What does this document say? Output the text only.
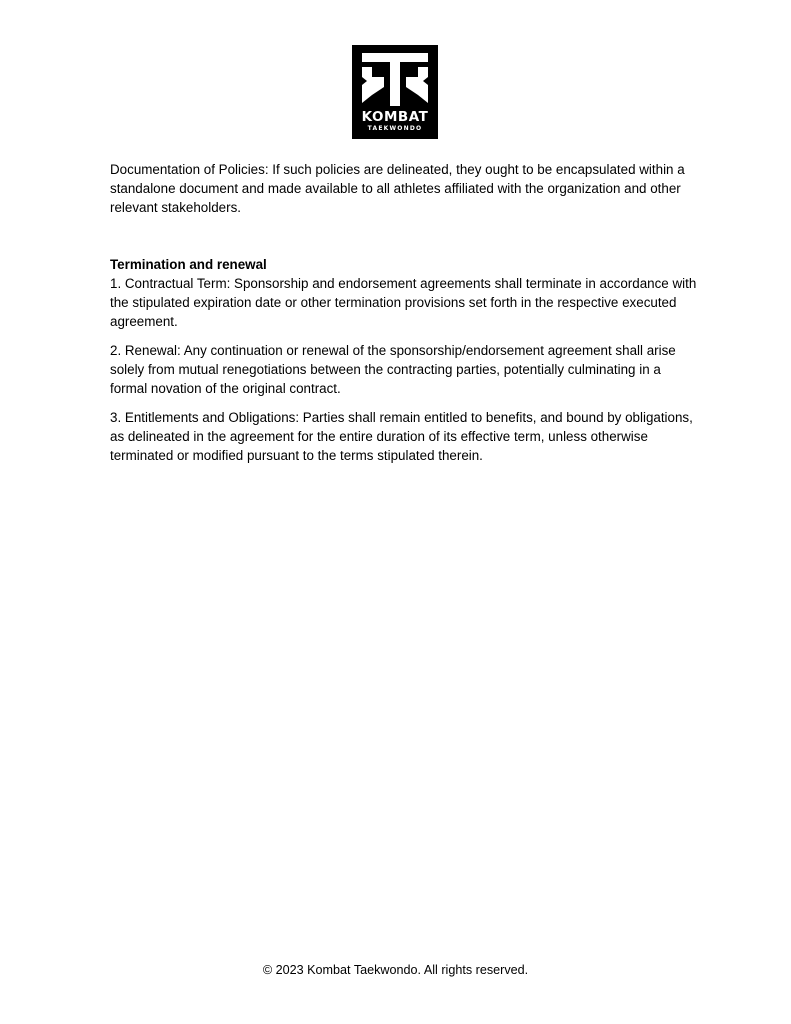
KOMBAT
TAEKWONDO

Documentation of Policies: If such policies are delineated, they ought to be encapsulated within a standalone document and made available to all athletes affiliated with the organization and other relevant stakeholders.

Termination and renewal

1. Contractual Term: Sponsorship and endorsement agreements shall terminate in accordance with the stipulated expiration date or other termination provisions set forth in the respective executed agreement.

2. Renewal: Any continuation or renewal of the sponsorship/endorsement agreement shall arise solely from mutual renegotiations between the contracting parties, potentially culminating in a formal novation of the original contract.

3. Entitlements and Obligations: Parties shall remain entitled to benefits, and bound by obligations, as delineated in the agreement for the entire duration of its effective term, unless otherwise terminated or modified pursuant to the terms stipulated therein.

© 2023 Kombat Taekwondo. All rights reserved.
